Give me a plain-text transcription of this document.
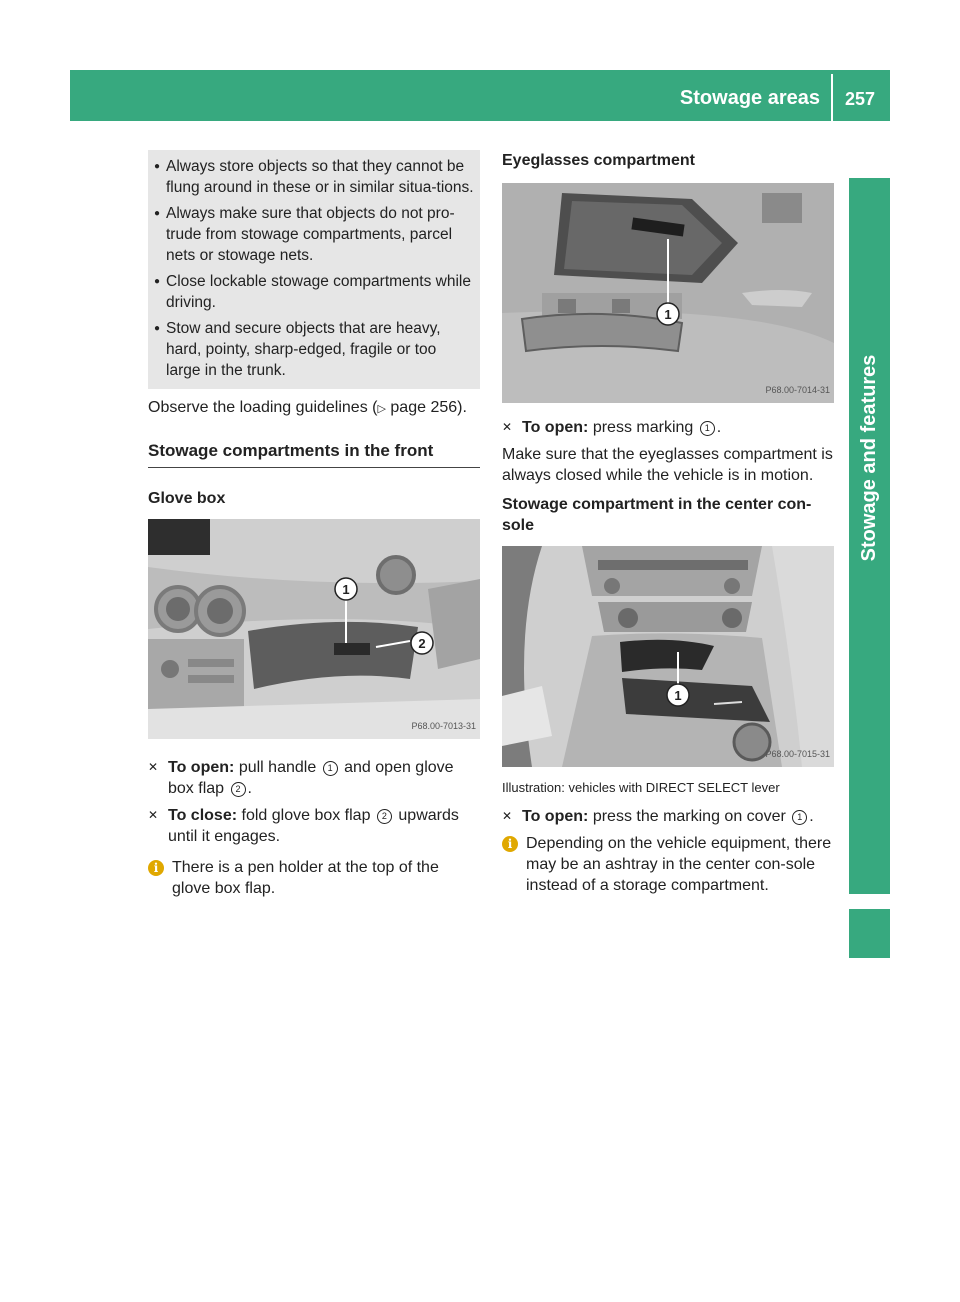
Stowage areas	257
Stowage and features
● Always store objects so that they cannot be flung around in these or in similar situa-tions.
● Always make sure that objects do not pro-trude from stowage compartments, parcel nets or stowage nets.
● Close lockable stowage compartments while driving.
● Stow and secure objects that are heavy, hard, pointy, sharp-edged, fragile or too large in the trunk.

Observe the loading guidelines (▷ page 256).

Stowage compartments in the front
Glove box
1
2
P68.00-7013-31
✕ To open: pull handle 1 and open glove box flap 2 .
✕ To close: fold glove box flap 2 upwards until it engages.
i There is a pen holder at the top of the glove box flap.
Eyeglasses compartment
1
P68.00-7014-31
✕ To open: press marking 1 .

Make sure that the eyeglasses compartment is always closed while the vehicle is in motion.

Stowage compartment in the center con-sole
1
P68.00-7015-31
Illustration: vehicles with DIRECT SELECT lever
✕ To open: press the marking on cover 1 .
i Depending on the vehicle equipment, there may be an ashtray in the center con-sole instead of a storage compartment.
